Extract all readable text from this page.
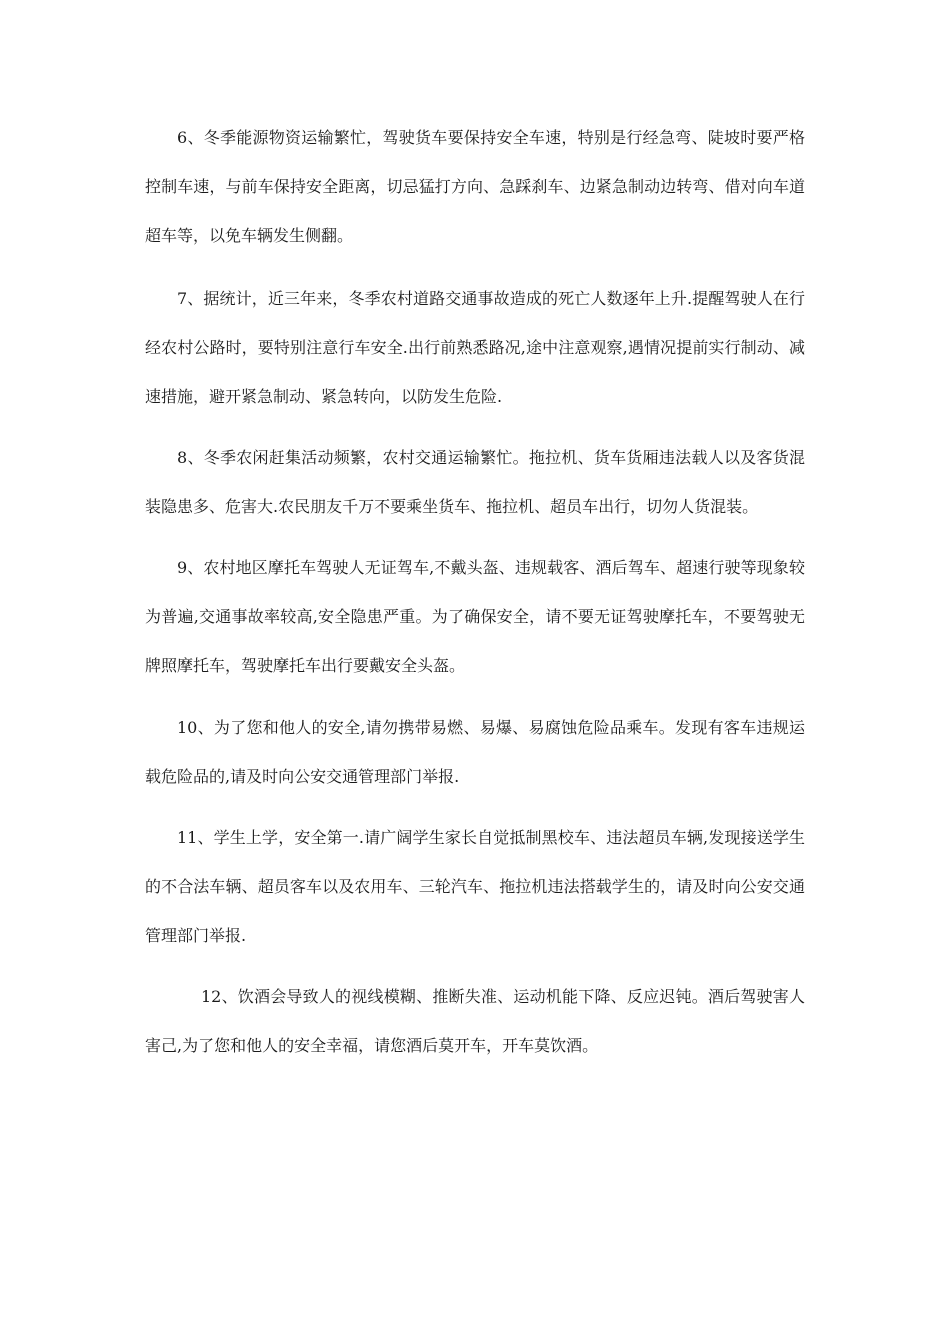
6、冬季能源物资运输繁忙，驾驶货车要保持安全车速，特别是行经急弯、陡坡时要严格控制车速，与前车保持安全距离，切忌猛打方向、急踩刹车、边紧急制动边转弯、借对向车道超车等，以免车辆发生侧翻。

7、据统计，近三年来，冬季农村道路交通事故造成的死亡人数逐年上升.提醒驾驶人在行经农村公路时，要特别注意行车安全.出行前熟悉路况,途中注意观察,遇情况提前实行制动、减速措施，避开紧急制动、紧急转向，以防发生危险.

8、冬季农闲赶集活动频繁，农村交通运输繁忙。拖拉机、货车货厢违法载人以及客货混装隐患多、危害大.农民朋友千万不要乘坐货车、拖拉机、超员车出行，切勿人货混装。

9、农村地区摩托车驾驶人无证驾车,不戴头盔、违规载客、酒后驾车、超速行驶等现象较为普遍,交通事故率较高,安全隐患严重。为了确保安全，请不要无证驾驶摩托车，不要驾驶无牌照摩托车，驾驶摩托车出行要戴安全头盔。

10、为了您和他人的安全,请勿携带易燃、易爆、易腐蚀危险品乘车。发现有客车违规运载危险品的,请及时向公安交通管理部门举报.

11、学生上学，安全第一.请广阔学生家长自觉抵制黑校车、违法超员车辆,发现接送学生的不合法车辆、超员客车以及农用车、三轮汽车、拖拉机违法搭载学生的，请及时向公安交通管理部门举报.

12、饮酒会导致人的视线模糊、推断失准、运动机能下降、反应迟钝。酒后驾驶害人害己,为了您和他人的安全幸福，请您酒后莫开车，开车莫饮酒。
